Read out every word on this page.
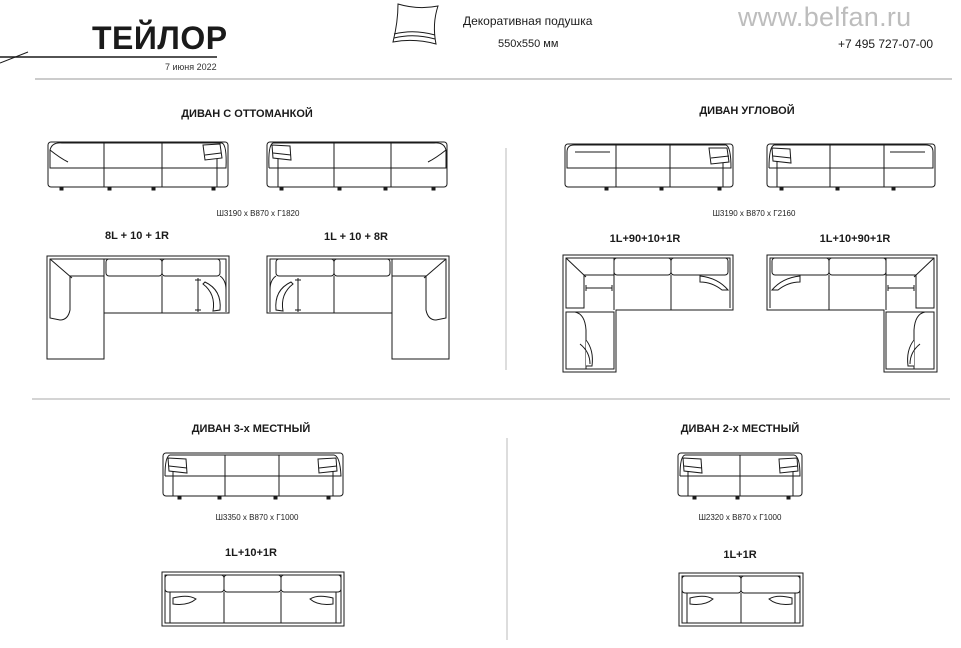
ТЕЙЛОР
7 июня 2022
Декоративная подушка
550x550 мм
www.belfan.ru
+7 495 727-07-00
ДИВАН С ОТТОМАНКОЙ	ДИВАН УГЛОВОЙ
ДИВАН 3-х МЕСТНЫЙ	ДИВАН 2-х МЕСТНЫЙ
Ш3190 x В870 x Г1820	Ш3190 x В870 x Г2160
Ш3350 x В870 x Г1000	Ш2320 x В870 x Г1000
8L + 10 + 1R	1L + 10 + 8R	1L+90+10+1R	1L+10+90+1R
1L+10+1R	1L+1R
